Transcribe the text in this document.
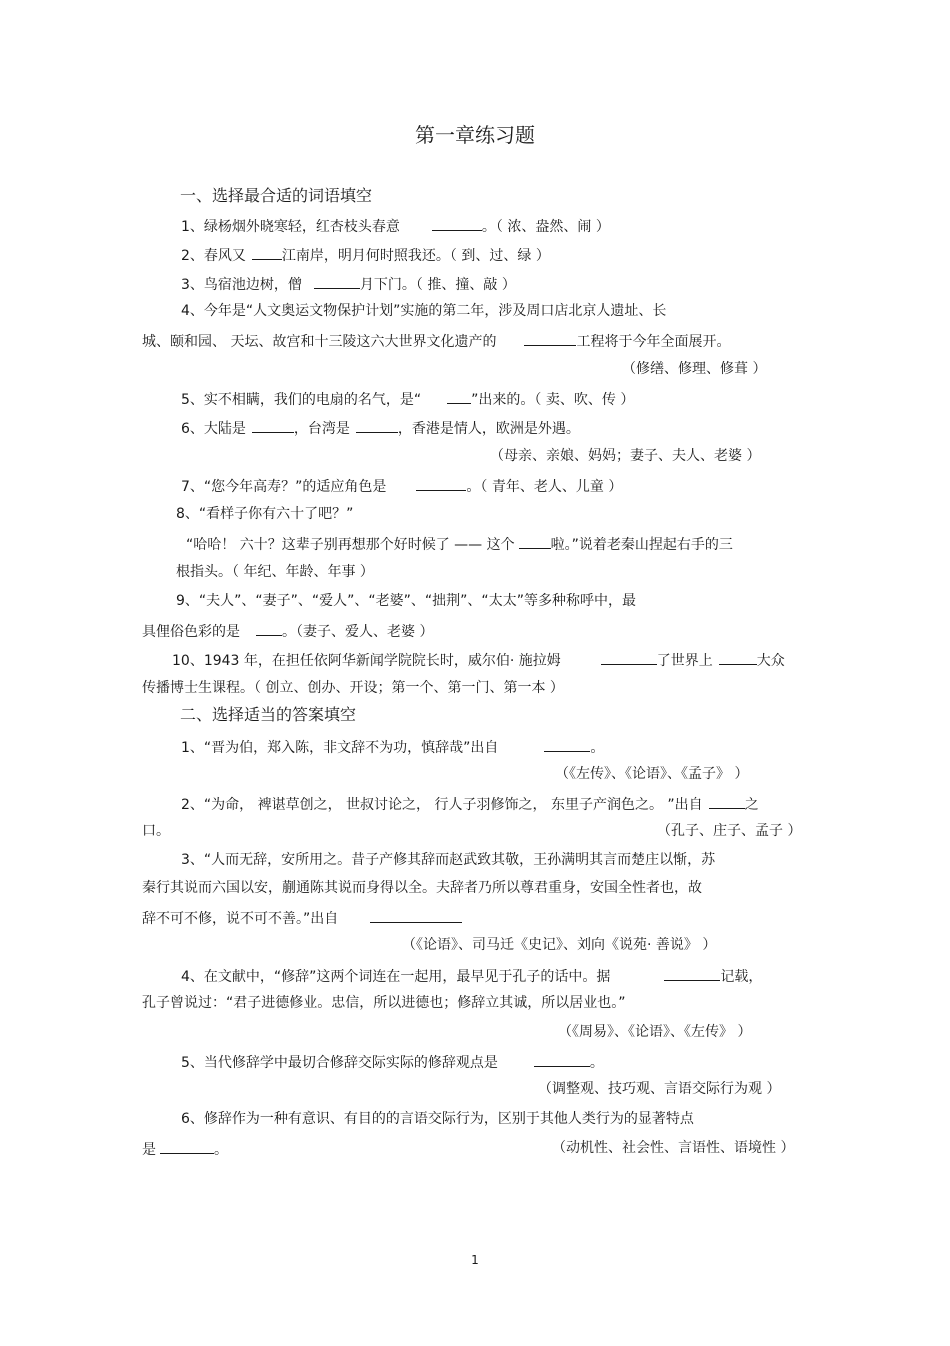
第一章练习题
一、选择最合适的词语填空
1、绿杨烟外晓寒轻，红杏枝头春意	。（ 浓、盎然、闹 ）
2、春风又	江南岸，明月何时照我还。（ 到、过、绿 ）
3、鸟宿池边树，僧	月下门。（ 推、撞、敲 ）
4、今年是“人文奥运文物保护计划”实施的第二年，涉及周口店北京人遗址、长
城、颐和园、 天坛、故宫和十三陵这六大世界文化遗产的	工程将于今年全面展开。
（修缮、修理、修葺 ）
5、实不相瞒，我们的电扇的名气，是“	”出来的。（ 卖、吹、传 ）
6、大陆是	，台湾是	，香港是情人，欧洲是外遇。
（母亲、亲娘、妈妈；妻子、夫人、老婆 ）
7、“您今年高寿？”的适应角色是	。（ 青年、老人、儿童 ）
8、“看样子你有六十了吧？”
“哈哈！ 六十？这辈子别再想那个好时候了 —— 这个	啦。”说着老秦山捏起右手的三
根指头。（ 年纪、年龄、年事 ）
9、“夫人”、“妻子”、“爱人”、“老婆”、“拙荆”、“太太”等多种称呼中，最
具俚俗色彩的是	。（妻子、爱人、老婆 ）
10、1943 年，在担任依阿华新闻学院院长时，威尔伯· 施拉姆	了世界上	大众
传播博士生课程。（ 创立、创办、开设；第一个、第一门、第一本 ）
二、选择适当的答案填空
1、“晋为伯，郑入陈，非文辞不为功，慎辞哉”出自	。
（《左传》、《论语》、《孟子》 ）
2、“为命， 裨谌草创之， 世叔讨论之， 行人子羽修饰之， 东里子产润色之。 ”出自	之
口。	（孔子、庄子、孟子 ）
3、“人而无辞，安所用之。昔子产修其辞而赵武致其敬，王孙满明其言而楚庄以惭，苏
秦行其说而六国以安，蒯通陈其说而身得以全。夫辞者乃所以尊君重身，安国全性者也，故
辞不可不修，说不可不善。”出自
（《论语》、司马迁《史记》、刘向《说苑· 善说》 ）
4、在文献中，“修辞”这两个词连在一起用，最早见于孔子的话中。据	记载，
孔子曾说过：“君子进德修业。忠信，所以进德也；修辞立其诚，所以居业也。”
（《周易》、《论语》、《左传》 ）
5、当代修辞学中最切合修辞交际实际的修辞观点是	。
（调整观、技巧观、言语交际行为观 ）
6、修辞作为一种有意识、有目的的言语交际行为，区别于其他人类行为的显著特点
是	。	（动机性、社会性、言语性、语境性 ）
1
